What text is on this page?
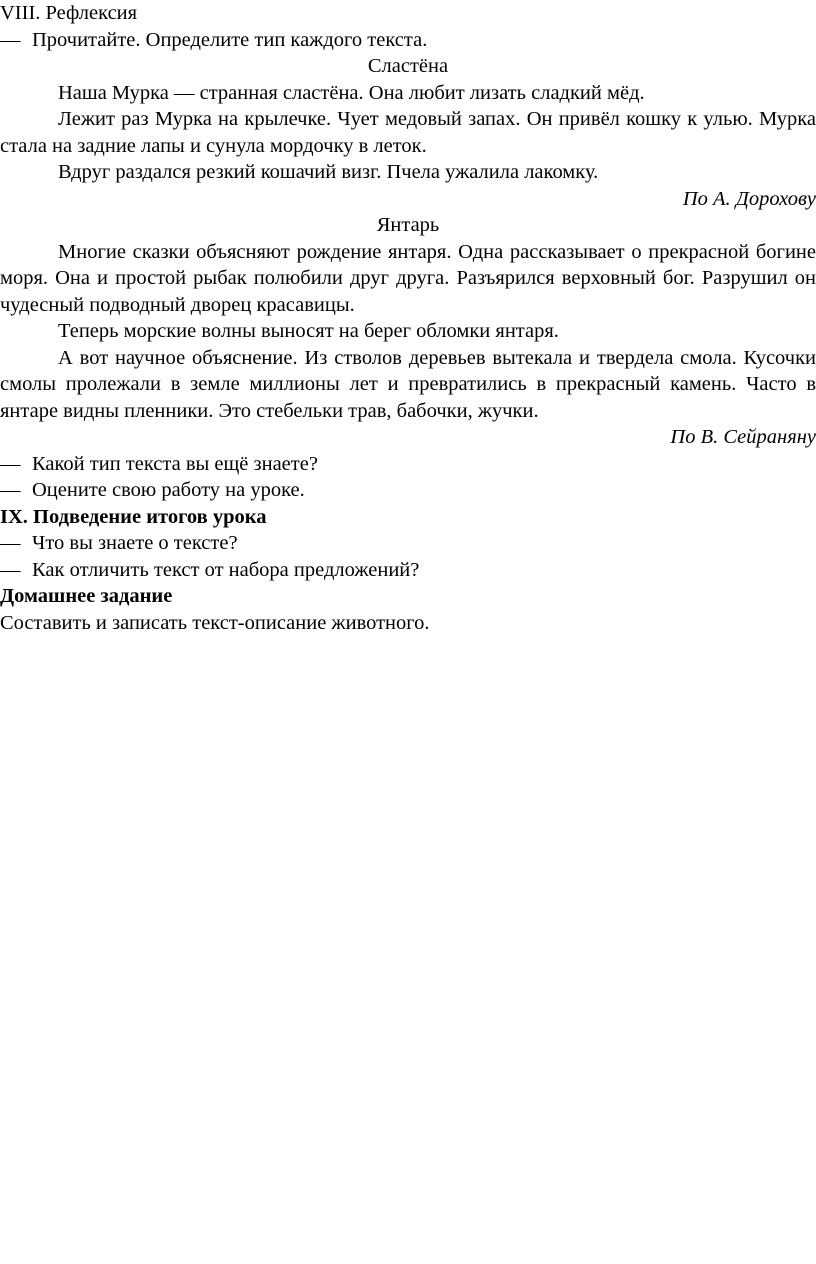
VIII. Рефлексия

— Прочитайте. Определите тип каждого текста.

Сластёна

Наша Мурка — странная сластёна. Она любит лизать сладкий мёд.

Лежит раз Мурка на крылечке. Чует медовый запах. Он привёл кошку к улью. Мурка стала на задние лапы и сунула мордочку в леток.

Вдруг раздался резкий кошачий визг. Пчела ужалила лакомку.

По А. Дорохову

Янтарь

Многие сказки объясняют рождение янтаря. Одна рассказывает о прекрасной богине моря. Она и простой рыбак полюбили друг друга. Разъярился верховный бог. Разрушил он чудесный подводный дворец красавицы.

Теперь морские волны выносят на берег обломки янтаря.

А вот научное объяснение. Из стволов деревьев вытекала и твердела смола. Кусочки смолы пролежали в земле миллионы лет и превратились в прекрасный камень. Часто в янтаре видны пленники. Это стебельки трав, бабочки, жучки.

По В. Сейраняну

— Какой тип текста вы ещё знаете?

— Оцените свою работу на уроке.

IX. Подведение итогов урока

— Что вы знаете о тексте?

— Как отличить текст от набора предложений?

Домашнее задание

Составить и записать текст-описание животного.
